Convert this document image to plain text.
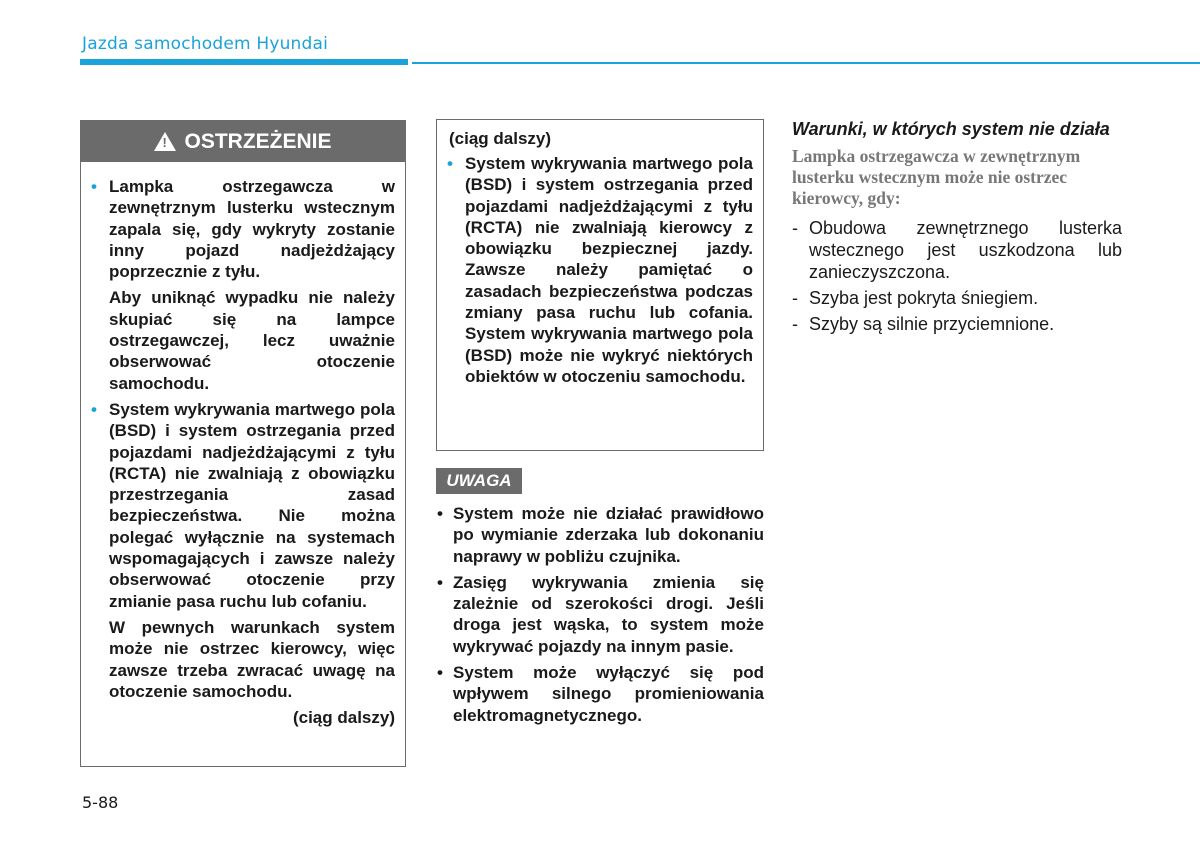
Jazda samochodem Hyundai
!
OSTRZEŻENIE

• Lampka ostrzegawcza w zewnętrznym lusterku wstecznym zapala się, gdy wykryty zostanie inny pojazd nadjeżdżający poprzecznie z tyłu.

Aby uniknąć wypadku nie należy skupiać się na lampce ostrzegawczej, lecz uważnie obserwować otoczenie samochodu.

• System wykrywania martwego pola (BSD) i system ostrzegania przed pojazdami nadjeżdżającymi z tyłu (RCTA) nie zwalniają z obowiązku przestrzegania zasad bezpieczeństwa. Nie można polegać wyłącznie na systemach wspomagających i zawsze należy obserwować otoczenie przy zmianie pasa ruchu lub cofaniu.

W pewnych warunkach system może nie ostrzec kierowcy, więc zawsze trzeba zwracać uwagę na otoczenie samochodu.

(ciąg dalszy)

(ciąg dalszy)

• System wykrywania martwego pola (BSD) i system ostrzegania przed pojazdami nadjeżdżającymi z tyłu (RCTA) nie zwalniają kierowcy z obowiązku bezpiecznej jazdy. Zawsze należy pamiętać o zasadach bezpieczeństwa podczas zmiany pasa ruchu lub cofania. System wykrywania martwego pola (BSD) może nie wykryć niektórych obiektów w otoczeniu samochodu.

UWAGA

• System może nie działać prawidłowo po wymianie zderzaka lub dokonaniu naprawy w pobliżu czujnika.

• Zasięg wykrywania zmienia się zależnie od szerokości drogi. Jeśli droga jest wąska, to system może wykrywać pojazdy na innym pasie.

• System może wyłączyć się pod wpływem silnego promieniowania elektromagnetycznego.

Warunki, w których system nie działa

Lampka ostrzegawcza w zewnętrznym lusterku wstecznym może nie ostrzec kierowcy, gdy:

- Obudowa zewnętrznego lusterka wstecznego jest uszkodzona lub zanieczyszczona.

- Szyba jest pokryta śniegiem.

- Szyby są silnie przyciemnione.

5-88
